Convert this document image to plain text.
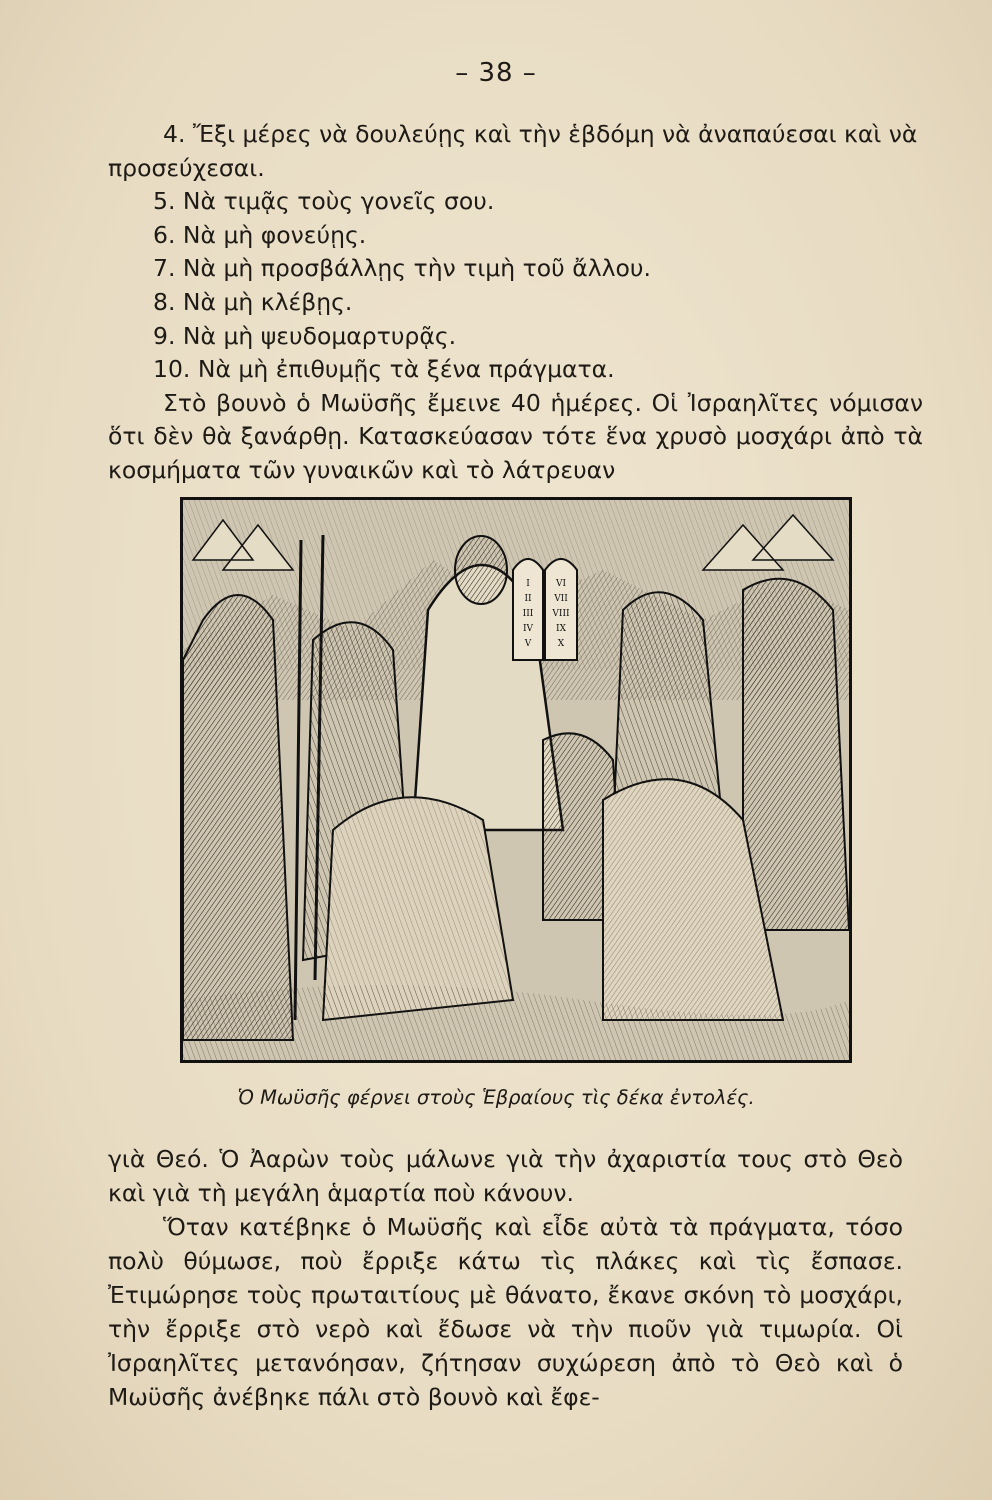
– 38 –

4. Ἔξι μέρες νὰ δουλεύῃς καὶ τὴν ἑβδόμη νὰ ἀναπαύεσαι καὶ νὰ προσεύχεσαι.

5. Νὰ τιμᾷς τοὺς γονεῖς σου.

6. Νὰ μὴ φονεύῃς.

7. Νὰ μὴ προσβάλλῃς τὴν τιμὴ τοῦ ἄλλου.

8. Νὰ μὴ κλέβῃς.

9. Νὰ μὴ ψευδομαρτυρᾷς.

10. Νὰ μὴ ἐπιθυμῇς τὰ ξένα πράγματα.

Στὸ βουνὸ ὁ Μωϋσῆς ἔμεινε 40 ἡμέρες. Οἱ Ἰσραηλῖτες νόμισαν ὅτι δὲν θὰ ξανάρθῃ. Κατασκεύασαν τότε ἕνα χρυσὸ μοσχάρι ἀπὸ τὰ κοσμήματα τῶν γυναικῶν καὶ τὸ λάτρευαν

I
II
III
IV
V
VI
VII
VIII
IX
X
Ὁ Μωϋσῆς φέρνει στοὺς Ἑβραίους τὶς δέκα ἐντολές.

γιὰ Θεό. Ὁ Ἀαρὼν τοὺς μάλωνε γιὰ τὴν ἀχαριστία τους στὸ Θεὸ καὶ γιὰ τὴ μεγάλη ἁμαρτία ποὺ κάνουν.

Ὅταν κατέβηκε ὁ Μωϋσῆς καὶ εἶδε αὐτὰ τὰ πράγματα, τόσο πολὺ θύμωσε, ποὺ ἔρριξε κάτω τὶς πλάκες καὶ τὶς ἔσπασε. Ἐτιμώρησε τοὺς πρωταιτίους μὲ θάνατο, ἔκανε σκόνη τὸ μοσχάρι, τὴν ἔρριξε στὸ νερὸ καὶ ἔδωσε νὰ τὴν πιοῦν γιὰ τιμωρία. Οἱ Ἰσραηλῖτες μετανόησαν, ζήτησαν συχώρεση ἀπὸ τὸ Θεὸ καὶ ὁ Μωϋσῆς ἀνέβηκε πάλι στὸ βουνὸ καὶ ἔφε-
